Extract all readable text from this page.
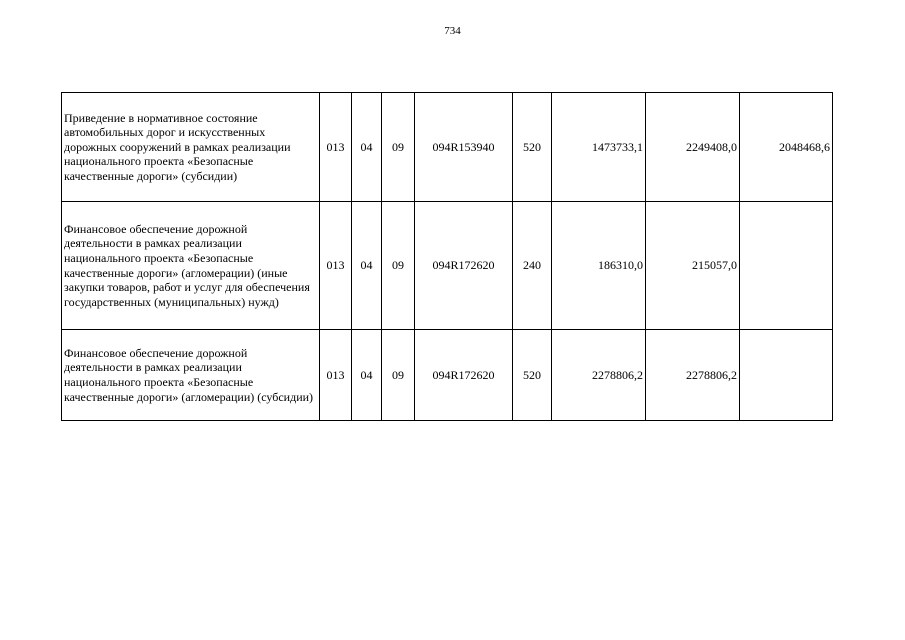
734
Приведение в нормативное состояние автомобильных дорог и искусственных дорожных сооружений в рамках реализации национального проекта «Безопасные качественные дороги» (субсидии)	013	04	09	094R153940	520	1473733,1	2249408,0	2048468,6
Финансовое обеспечение дорожной деятельности в рамках реализации национального проекта «Безопасные качественные дороги» (агломерации) (иные закупки товаров, работ и услуг для обеспечения государственных (муниципальных) нужд)	013	04	09	094R172620	240	186310,0	215057,0	
Финансовое обеспечение дорожной деятельности в рамках реализации национального проекта «Безопасные качественные дороги» (агломерации) (субсидии)	013	04	09	094R172620	520	2278806,2	2278806,2	
